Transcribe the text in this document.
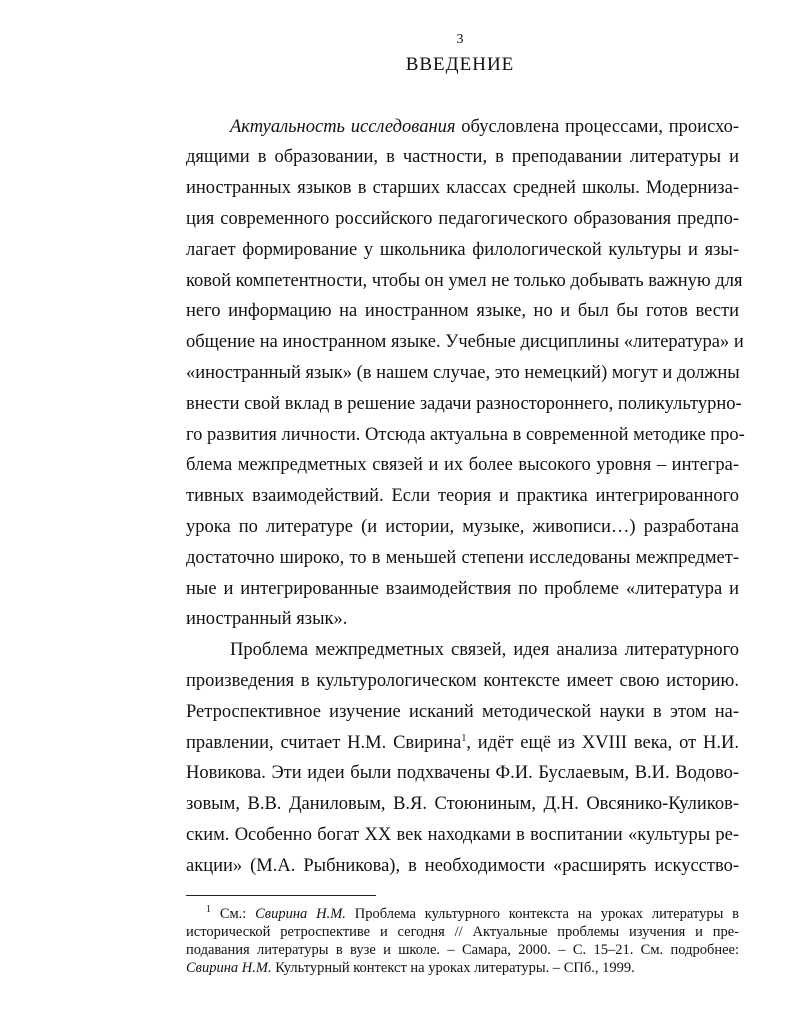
3
ВВЕДЕНИЕ
Актуальность исследования обусловлена процессами, происхо-
дящими в образовании, в частности, в преподавании литературы и
иностранных языков в старших классах средней школы. Модерниза-
ция современного российского педагогического образования предпо-
лагает формирование у школьника филологической культуры и язы-
ковой компетентности, чтобы он умел не только добывать важную для
него информацию на иностранном языке, но и был бы готов вести
общение на иностранном языке. Учебные дисциплины «литература» и
«иностранный язык» (в нашем случае, это немецкий) могут и должны
внести свой вклад в решение задачи разностороннего, поликультурно-
го развития личности. Отсюда актуальна в современной методике про-
блема межпредметных связей и их более высокого уровня – интегра-
тивных взаимодействий. Если теория и практика интегрированного
урока по литературе (и истории, музыке, живописи…) разработана
достаточно широко, то в меньшей степени исследованы межпредмет-
ные и интегрированные взаимодействия по проблеме «литература и
иностранный язык».
Проблема межпредметных связей, идея анализа литературного
произведения в культурологическом контексте имеет свою историю.
Ретроспективное изучение исканий методической науки в этом на-
правлении, считает Н.М. Свирина$^1$, идёт ещё из XVIII века, от Н.И.
Новикова. Эти идеи были подхвачены Ф.И. Буслаевым, В.И. Водово-
зовым, В.В. Даниловым, В.Я. Стоюниным, Д.Н. Овсянико-Куликов-
ским. Особенно богат XX век находками в воспитании «культуры ре-
акции» (М.А. Рыбникова), в необходимости «расширять искусство-
$^1$ См.: Свирина Н.М. Проблема культурного контекста на уроках литературы в
исторической ретроспективе и сегодня // Актуальные проблемы изучения и пре-
подавания литературы в вузе и школе. – Самара, 2000. – С. 15–21. См. подробнее:
Свирина Н.М. Культурный контекст на уроках литературы. – СПб., 1999.
